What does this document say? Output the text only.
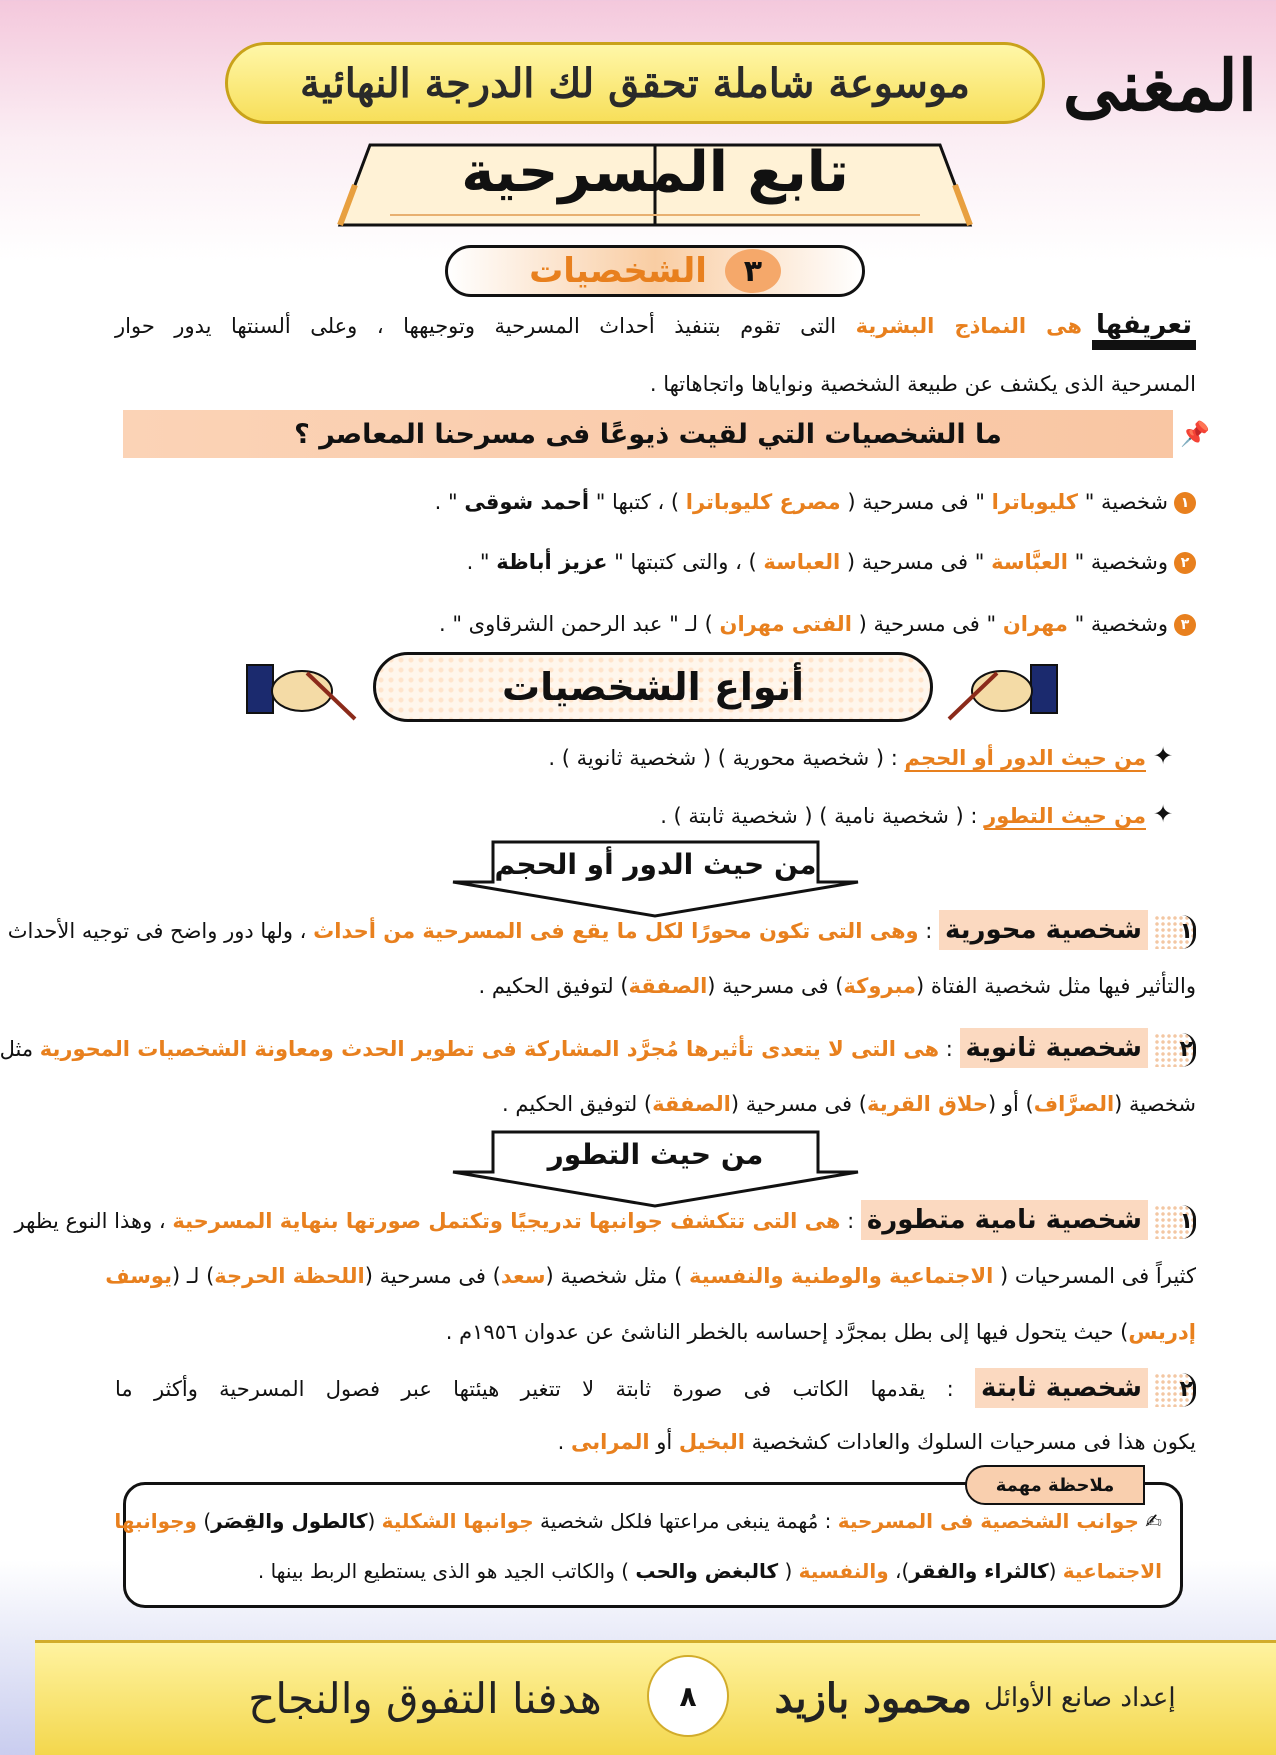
موسوعة شاملة تحقق لك الدرجة النهائية	المغنى
تابع المسرحية
٣
الشخصيات
تعريفهاهى النماذج البشرية التى تقوم بتنفيذ أحداث المسرحية وتوجيهها ، وعلى ألسنتها يدور حوار
المسرحية الذى يكشف عن طبيعة الشخصية ونواياها واتجاهاتها .
📌
ما الشخصيات التي لقيت ذيوعًا فى مسرحنا المعاصر ؟
١شخصية " كليوباترا " فى مسرحية ( مصرع كليوباترا ) ، كتبها " أحمد شوقى " .
٢وشخصية " العبَّاسة " فى مسرحية ( العباسة ) ، والتى كتبتها " عزيز أباظة " .
٣وشخصية " مهران " فى مسرحية ( الفتى مهران ) لـ " عبد الرحمن الشرقاوى " .
أنواع الشخصيات
✦
من حيث الدور أو الحجم : ( شخصية محورية ) ( شخصية ثانوية ) .
✦
من حيث التطور : ( شخصية نامية ) ( شخصية ثابتة ) .
من حيث الدور أو الحجم
١شخصية محورية : وهى التى تكون محورًا لكل ما يقع فى المسرحية من أحداث ، ولها دور واضح فى توجيه الأحداث
والتأثير فيها مثل شخصية الفتاة (مبروكة) فى مسرحية (الصفقة) لتوفيق الحكيم .
٢شخصية ثانوية : هى التى لا يتعدى تأثيرها مُجرَّد المشاركة فى تطوير الحدث ومعاونة الشخصيات المحورية مثل
شخصية (الصرَّاف) أو (حلاق القرية) فى مسرحية (الصفقة) لتوفيق الحكيم .
من حيث التطور
١شخصية نامية متطورة : هى التى تتكشف جوانبها تدريجيًا وتكتمل صورتها بنهاية المسرحية ، وهذا النوع يظهر
كثيراً فى المسرحيات ( الاجتماعية والوطنية والنفسية ) مثل شخصية (سعد) فى مسرحية (اللحظة الحرجة) لـ (يوسف
إدريس) حيث يتحول فيها إلى بطل بمجرَّد إحساسه بالخطر الناشئ عن عدوان ١٩٥٦م .
٢شخصية ثابتة : يقدمها الكاتب فى صورة ثابتة لا تتغير هيئتها عبر فصول المسرحية وأكثر ما
يكون هذا فى مسرحيات السلوك والعادات كشخصية البخيل أو المرابى .
✍ جوانب الشخصية فى المسرحية : مُهمة ينبغى مراعتها فلكل شخصية جوانبها الشكلية (كالطول والقِصَر) وجوانبها
الاجتماعية (كالثراء والفقر)، والنفسية ( كالبغض والحب ) والكاتب الجيد هو الذى يستطيع الربط بينها .
ملاحظة مهمة
إعداد صانع الأوائل
محمود بازيد
٨
هدفنا التفوق والنجاح
